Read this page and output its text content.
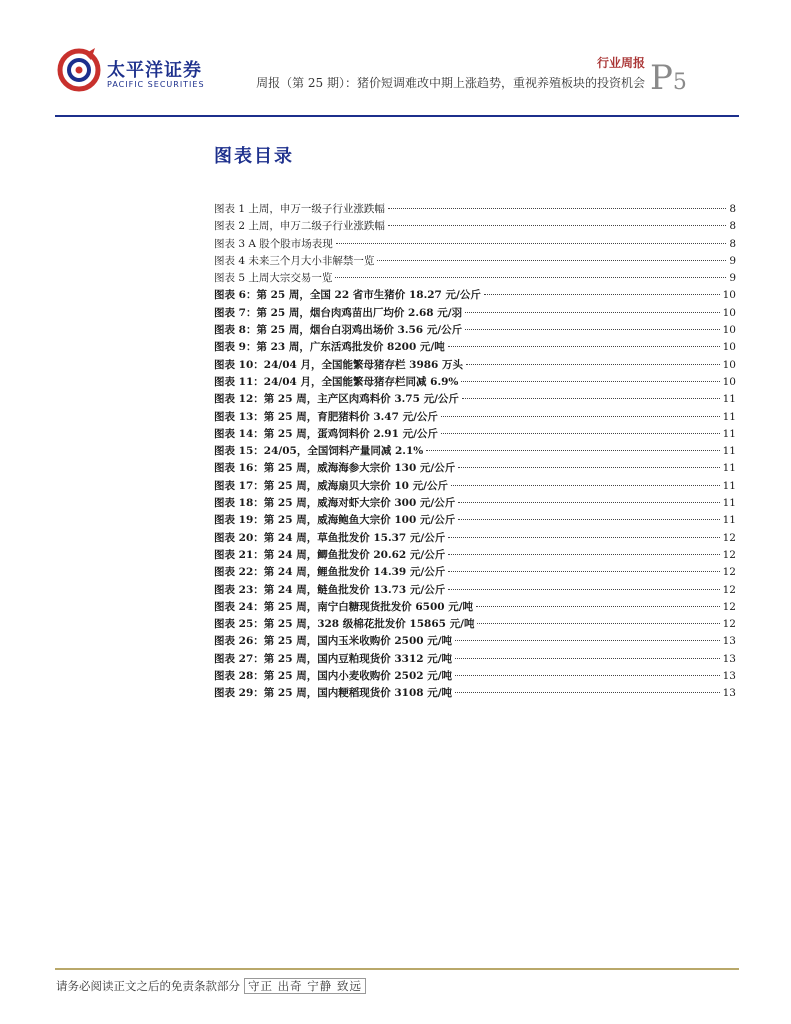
太平洋证券
PACIFIC SECURITIES
行业周报
周报（第 25 期）：猪价短调难改中期上涨趋势，重视养殖板块的投资机会 P5
图表目录
图表 1 上周，申万一级子行业涨跌幅	8
图表 2 上周，申万二级子行业涨跌幅	8
图表 3 A 股个股市场表现	8
图表 4 未来三个月大小非解禁一览	9
图表 5 上周大宗交易一览	9
图表 6：第 25 周，全国 22 省市生猪价 18.27 元/公斤	10
图表 7：第 25 周，烟台肉鸡苗出厂均价 2.68 元/羽	10
图表 8：第 25 周，烟台白羽鸡出场价 3.56 元/公斤	10
图表 9：第 23 周，广东活鸡批发价 8200 元/吨	10
图表 10：24/04 月，全国能繁母猪存栏 3986 万头	10
图表 11：24/04 月，全国能繁母猪存栏同减 6.9%	10
图表 12：第 25 周，主产区肉鸡料价 3.75 元/公斤	11
图表 13：第 25 周，育肥猪料价 3.47 元/公斤	11
图表 14：第 25 周，蛋鸡饲料价 2.91 元/公斤	11
图表 15：24/05，全国饲料产量同减 2.1%	11
图表 16：第 25 周，威海海参大宗价 130 元/公斤	11
图表 17：第 25 周，威海扇贝大宗价 10 元/公斤	11
图表 18：第 25 周，威海对虾大宗价 300 元/公斤	11
图表 19：第 25 周，威海鲍鱼大宗价 100 元/公斤	11
图表 20：第 24 周，草鱼批发价 15.37 元/公斤	12
图表 21：第 24 周，鲫鱼批发价 20.62 元/公斤	12
图表 22：第 24 周，鲤鱼批发价 14.39 元/公斤	12
图表 23：第 24 周，鲢鱼批发价 13.73 元/公斤	12
图表 24：第 25 周，南宁白糖现货批发价 6500 元/吨	12
图表 25：第 25 周，328 级棉花批发价 15865 元/吨	12
图表 26：第 25 周，国内玉米收购价 2500 元/吨	13
图表 27：第 25 周，国内豆粕现货价 3312 元/吨	13
图表 28：第 25 周，国内小麦收购价 2502 元/吨	13
图表 29：第 25 周，国内粳稻现货价 3108 元/吨	13
请务必阅读正文之后的免责条款部分 守正 出奇 宁静 致远
